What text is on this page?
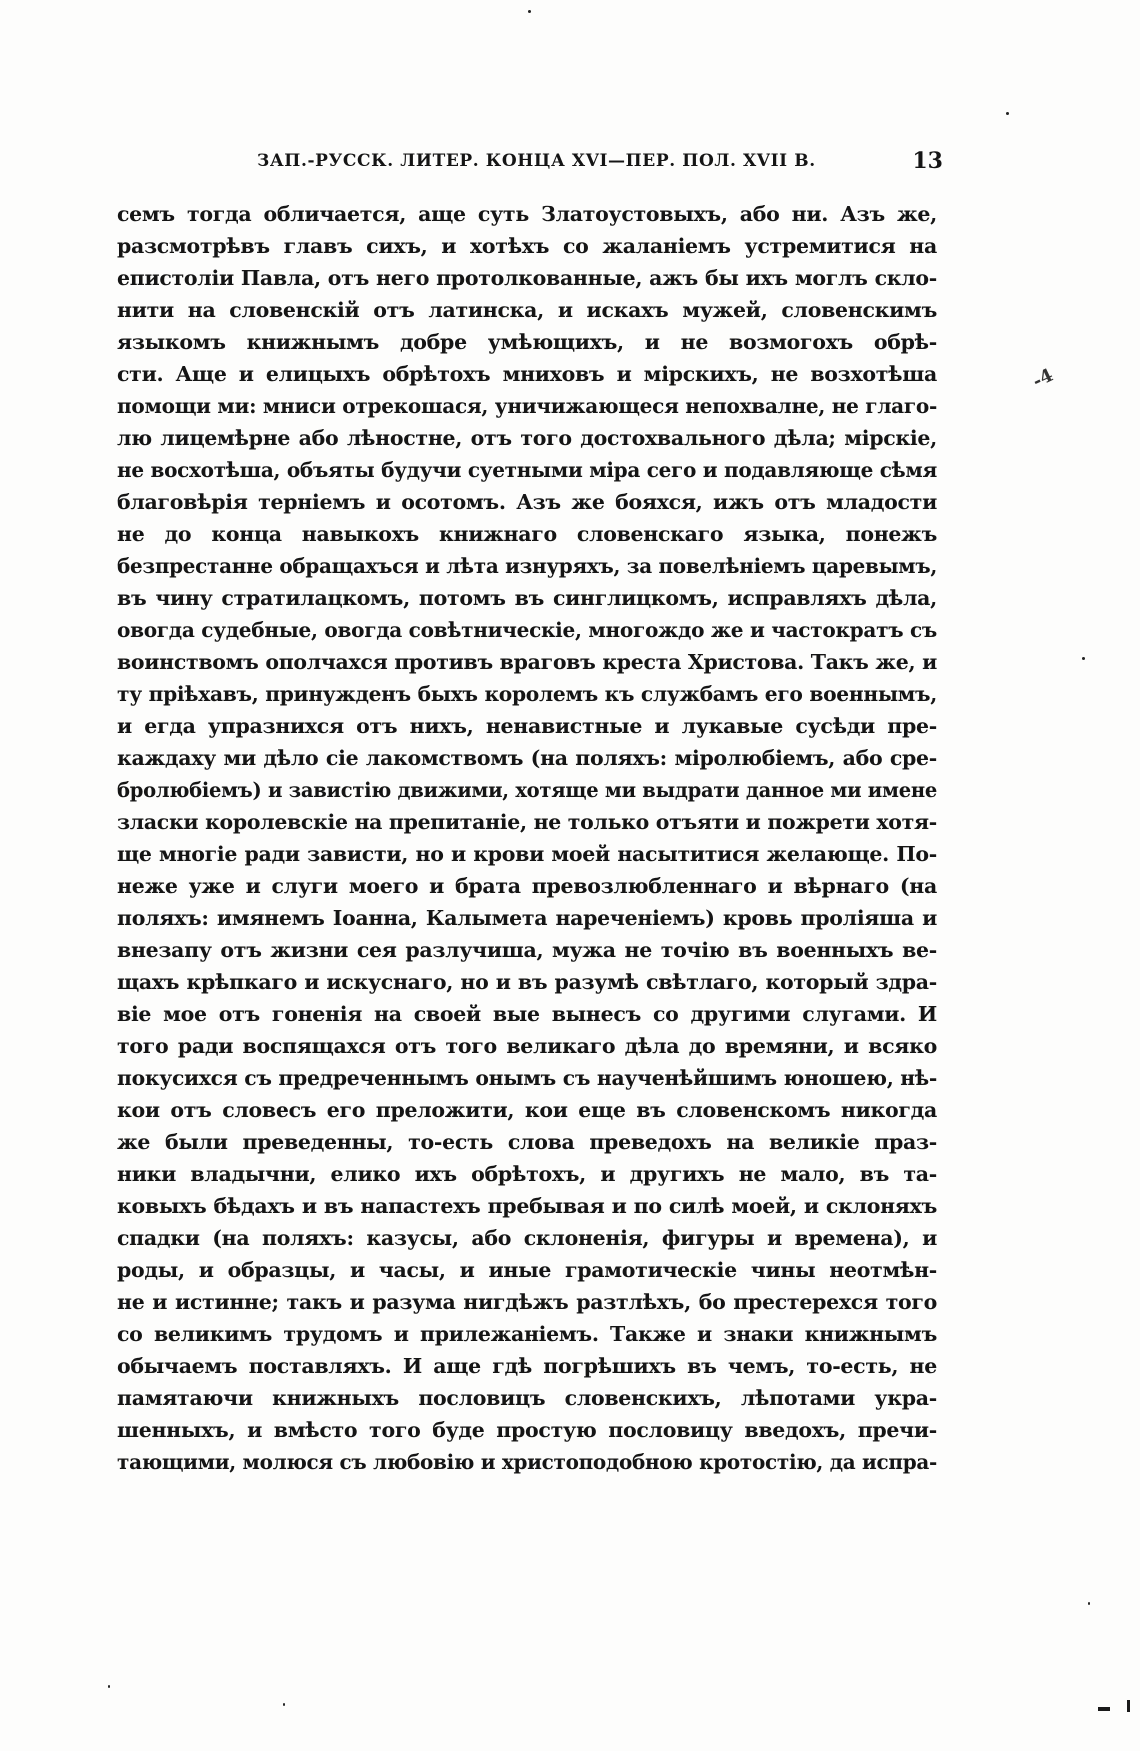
ЗАП.-РУССК. ЛИТЕР. КОНЦА XVI—ПЕР. ПОЛ. XVII В.	13
-4
семъ тогда обличается, аще суть Златоустовыхъ, або ни. Азъ же,
разсмотрѣвъ главъ сихъ, и хотѣхъ со жаланіемъ устремитися на
епистоліи Павла, отъ него протолкованные, ажъ бы ихъ моглъ скло-
нити на словенскій отъ латинска, и искахъ мужей, словенскимъ
языкомъ книжнымъ добре умѣющихъ, и не возмогохъ обрѣ-
сти. Аще и елицыхъ обрѣтохъ мниховъ и мірскихъ, не возхотѣша
помощи ми: мниси отрекошася, уничижающеся непохвалне, не глаго-
лю лицемѣрне або лѣностне, отъ того достохвального дѣла; мірскіе,
не восхотѣша, объяты будучи суетными міра сего и подавляюще сѣмя
благовѣрія терніемъ и осотомъ. Азъ же бояхся, ижъ отъ младости
не до конца навыкохъ книжнаго словенскаго языка, понежъ
безпрестанне обращахъся и лѣта изнуряхъ, за повелѣніемъ царевымъ,
въ чину стратилацкомъ, потомъ въ синглицкомъ, исправляхъ дѣла,
овогда судебные, овогда совѣтническіе, многождо же и частократъ съ
воинствомъ ополчахся противъ враговъ креста Христова. Такъ же, и
ту пріѣхавъ, принужденъ быхъ королемъ къ службамъ его военнымъ,
и егда упразнихся отъ нихъ, ненавистные и лукавые сусѣди пре-
каждаху ми дѣло сіе лакомствомъ (на поляхъ: міролюбіемъ, або сре-
бролюбіемъ) и завистію движими, хотяще ми выдрати данное ми имене
зласки королевскіе на препитаніе, не только отъяти и пожрети хотя-
ще многіе ради зависти, но и крови моей насытитися желающе. По-
неже уже и слуги моего и брата превозлюбленнаго и вѣрнаго (на
поляхъ: имянемъ Іоанна, Калымета нареченіемъ) кровь проліяша и
внезапу отъ жизни сея разлучиша, мужа не точію въ военныхъ ве-
щахъ крѣпкаго и искуснаго, но и въ разумѣ свѣтлаго, который здра-
віе мое отъ гоненія на своей вые вынесъ со другими слугами. И
того ради воспящахся отъ того великаго дѣла до времяни, и всяко
покусихся съ предреченнымъ онымъ съ наученѣйшимъ юношею, нѣ-
кои отъ словесъ его преложити, кои еще въ словенскомъ никогда
же были преведенны, то-есть слова преведохъ на великіе праз-
ники владычни, елико ихъ обрѣтохъ, и другихъ не мало, въ та-
ковыхъ бѣдахъ и въ напастехъ пребывая и по силѣ моей, и склоняхъ
спадки (на поляхъ: казусы, або склоненія, фигуры и времена), и
роды, и образцы, и часы, и иные грамотическіе чины неотмѣн-
не и истинне; такъ и разума нигдѣжъ разтлѣхъ, бо престерехся того
со великимъ трудомъ и прилежаніемъ. Также и знаки книжнымъ
обычаемъ поставляхъ. И аще гдѣ погрѣшихъ въ чемъ, то-есть, не
памятаючи книжныхъ пословицъ словенскихъ, лѣпотами укра-
шенныхъ, и вмѣсто того буде простую пословицу введохъ, пречи-
тающими, молюся съ любовію и христоподобною кротостію, да испра-
